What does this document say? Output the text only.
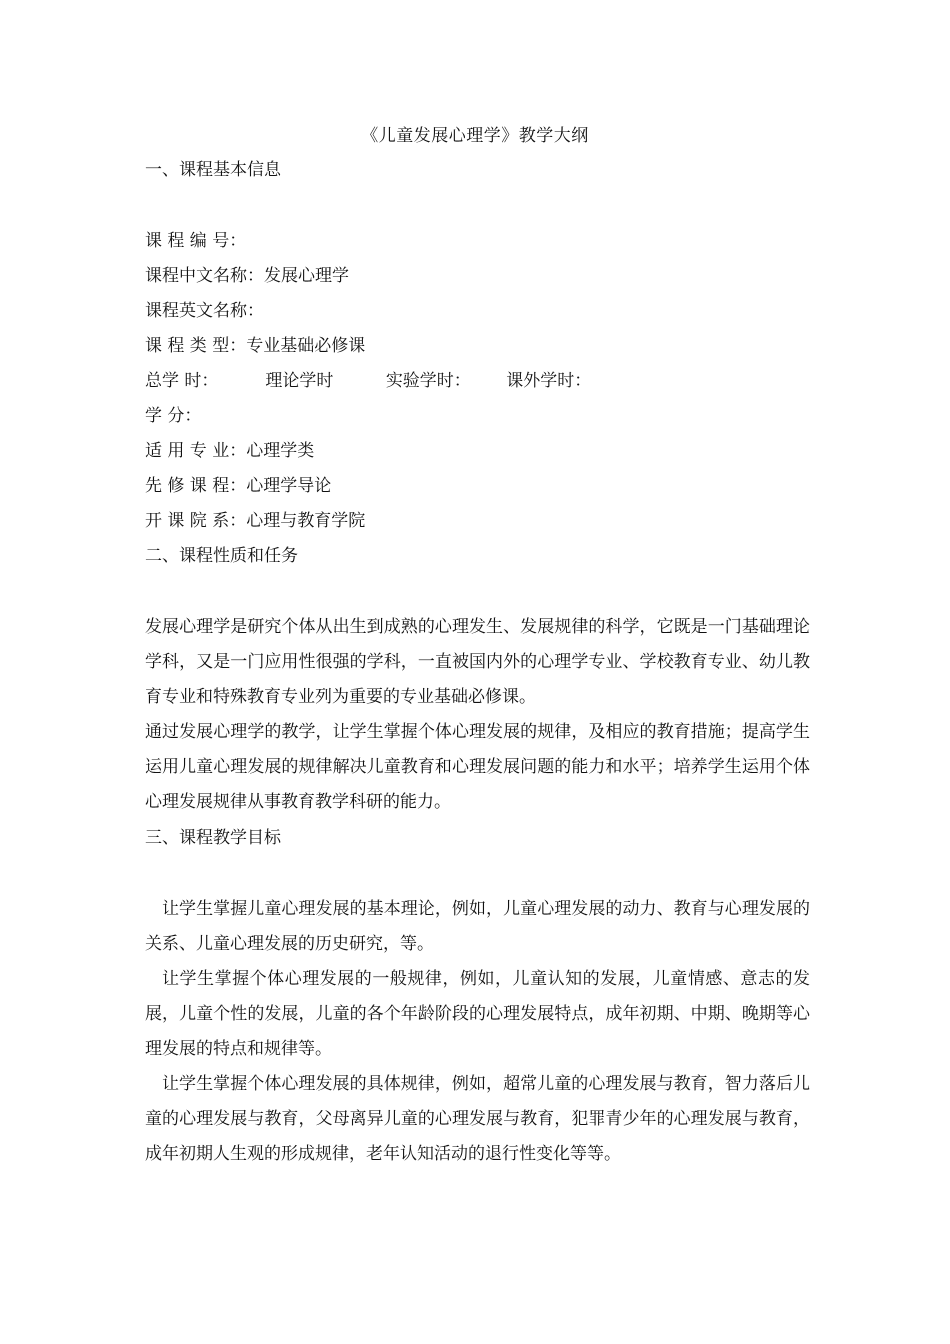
《儿童发展心理学》教学大纲
一、课程基本信息
课 程 编 号：
课程中文名称：发展心理学
课程英文名称：
课 程 类 型：专业基础必修课
总学 时：	理论学时	实验学时： 课外学时：
学 分：
适 用 专 业：心理学类
先 修 课 程：心理学导论
开 课 院 系：心理与教育学院
二、课程性质和任务

发展心理学是研究个体从出生到成熟的心理发生、发展规律的科学，它既是一门基础理论学科，又是一门应用性很强的学科，一直被国内外的心理学专业、学校教育专业、幼儿教育专业和特殊教育专业列为重要的专业基础必修课。

通过发展心理学的教学，让学生掌握个体心理发展的规律，及相应的教育措施；提高学生运用儿童心理发展的规律解决儿童教育和心理发展问题的能力和水平；培养学生运用个体心理发展规律从事教育教学科研的能力。

三、课程教学目标

让学生掌握儿童心理发展的基本理论，例如，儿童心理发展的动力、教育与心理发展的关系、儿童心理发展的历史研究，等。

让学生掌握个体心理发展的一般规律，例如，儿童认知的发展，儿童情感、意志的发展，儿童个性的发展，儿童的各个年龄阶段的心理发展特点，成年初期、中期、晚期等心理发展的特点和规律等。

让学生掌握个体心理发展的具体规律，例如，超常儿童的心理发展与教育，智力落后儿童的心理发展与教育，父母离异儿童的心理发展与教育，犯罪青少年的心理发展与教育，成年初期人生观的形成规律，老年认知活动的退行性变化等等。
